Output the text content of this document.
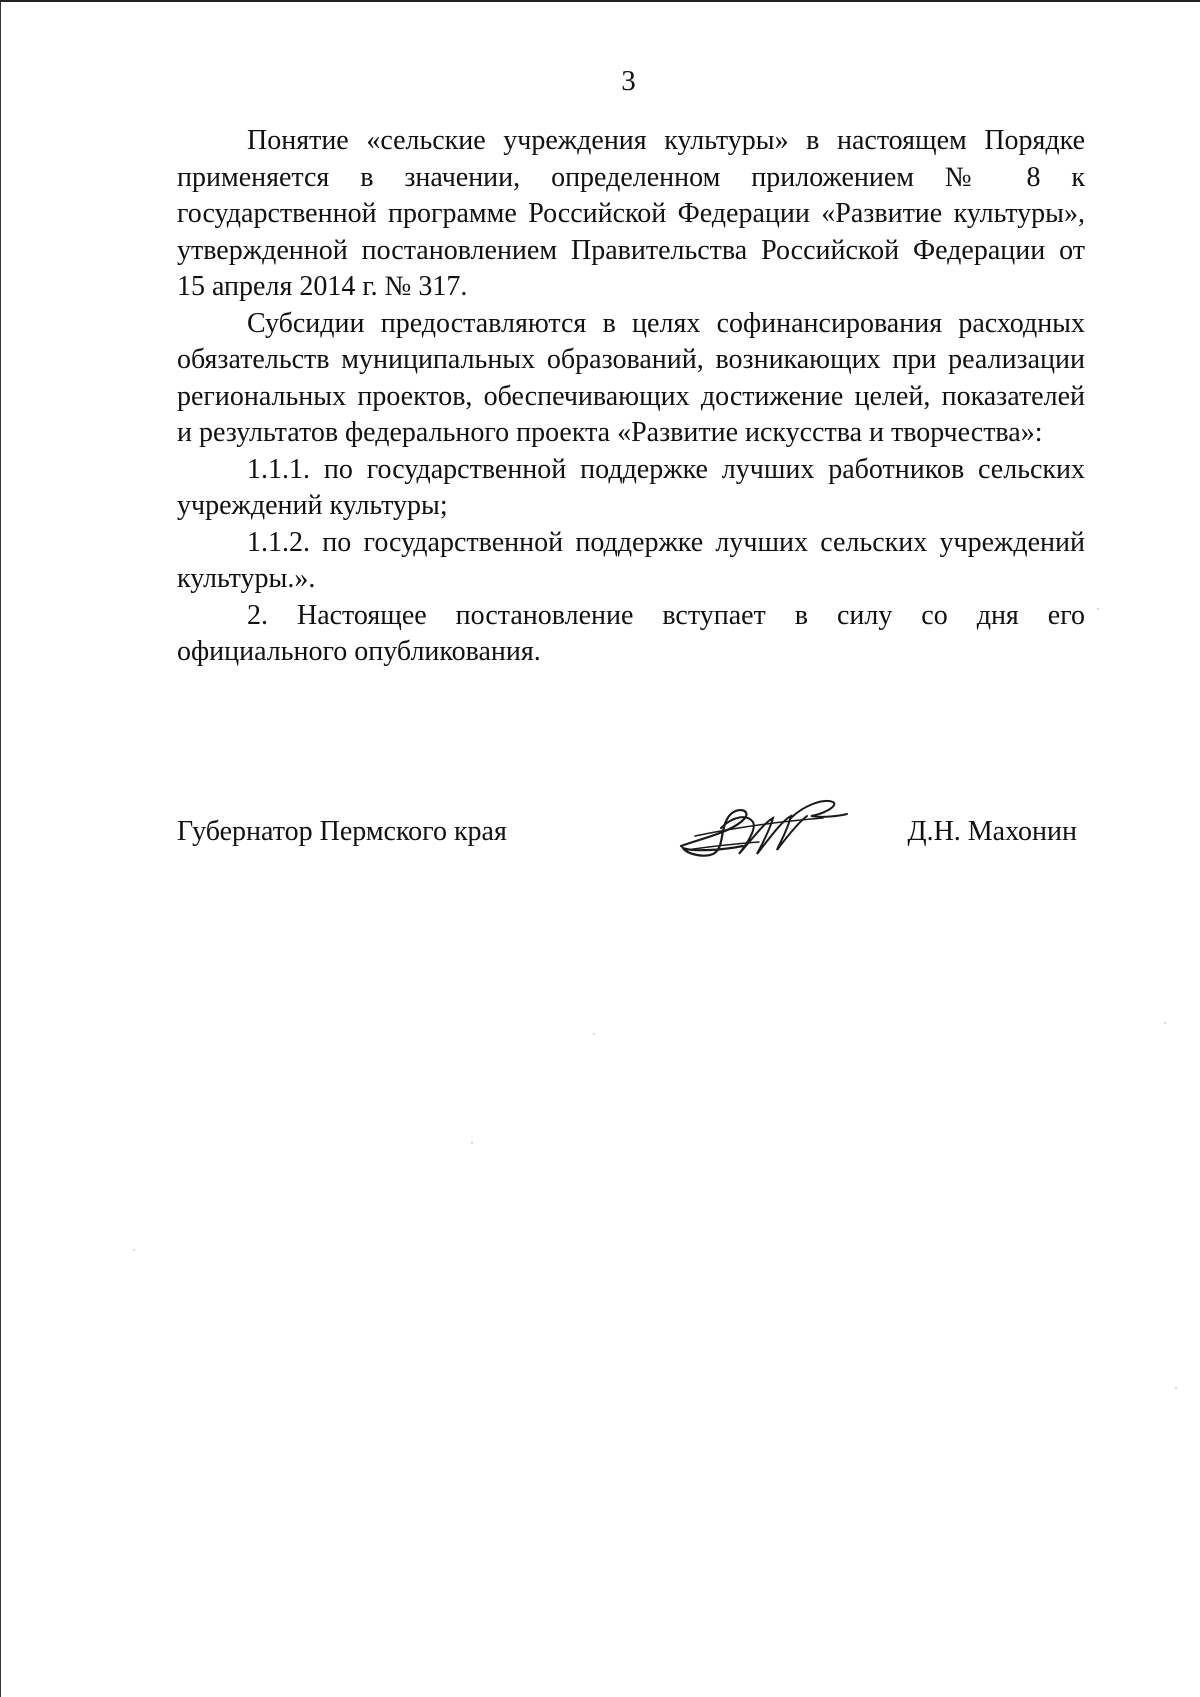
3

Понятие «сельские учреждения культуры» в настоящем Порядке применяется в значении, определенном приложением № 8 к государственной программе Российской Федерации «Развитие культуры», утвержденной постановлением Правительства Российской Федерации от 15 апреля 2014 г. № 317.

Субсидии предоставляются в целях софинансирования расходных обязательств муниципальных образований, возникающих при реализации региональных проектов, обеспечивающих достижение целей, показателей и результатов федерального проекта «Развитие искусства и творчества»:

1.1.1. по государственной поддержке лучших работников сельских учреждений культуры;

1.1.2. по государственной поддержке лучших сельских учреждений культуры.».

2. Настоящее постановление вступает в силу со дня его официального опубликования.

Губернатор Пермского края	Д.Н. Махонин
